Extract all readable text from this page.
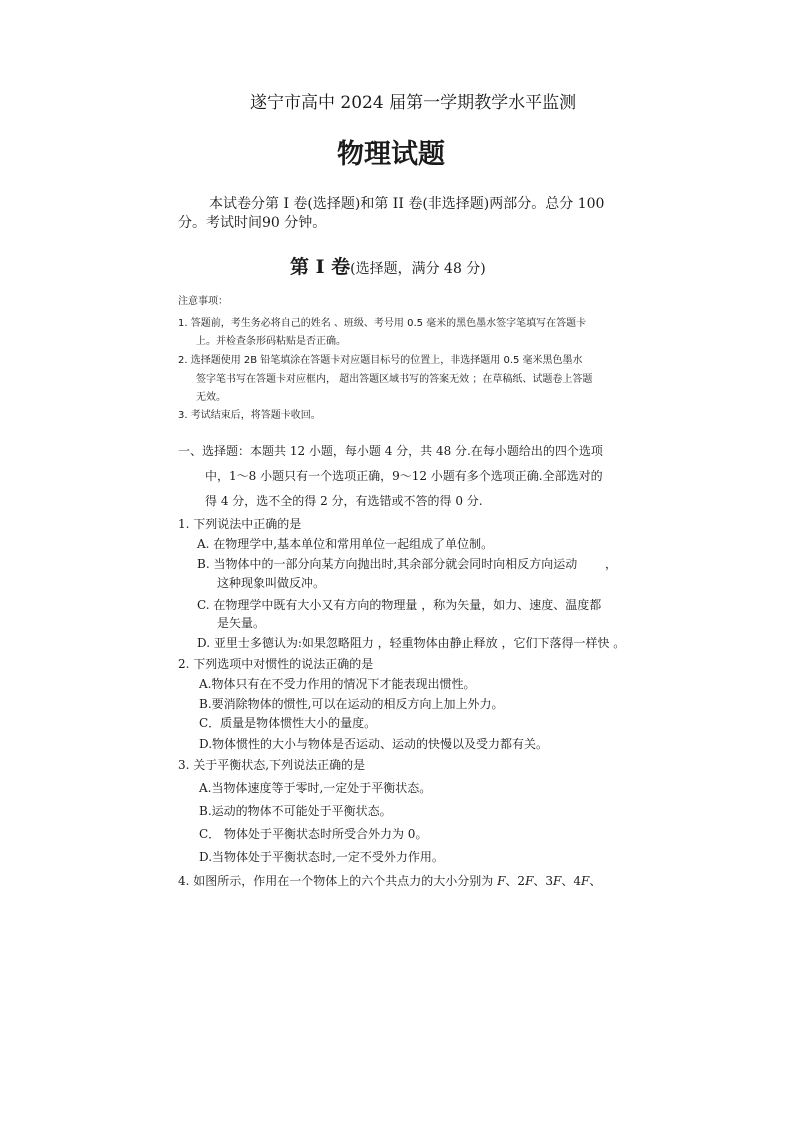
遂宁市高中 2024 届第一学期教学水平监测
物理试题
本试卷分第 I 卷(选择题)和第 II 卷(非选择题)两部分。总分 100
分。考试时间90 分钟。
第 Ⅰ 卷(选择题，满分 48 分)
注意事项：
1. 答题前，考生务必将自己的姓名 、班级、考号用 0.5 毫米的黑色墨水签字笔填写在答题卡
上。并检查条形码粘贴是否正确。
2. 选择题使用 2B 铅笔填涂在答题卡对应题目标号的位置上，非选择题用 0.5 毫米黑色墨水
签字笔书写在答题卡对应框内， 超出答题区域书写的答案无效 ；在草稿纸、试题卷上答题
无效。
3. 考试结束后，将答题卡收回。
一、选择题：本题共 12 小题，每小题 4 分，共 48 分.在每小题给出的四个选项
中，1～8 小题只有一个选项正确，9～12 小题有多个选项正确.全部选对的
得 4 分，选不全的得 2 分，有选错或不答的得 0 分.
1. 下列说法中正确的是
A. 在物理学中,基本单位和常用单位一起组成了单位制。
B. 当物体中的一部分向某方向抛出时,其余部分就会同时向相反方向运动 ，
这种现象叫做反冲。
C. 在物理学中既有大小又有方向的物理量 ，称为矢量，如力、速度、温度都
是矢量。
D. 亚里士多德认为:如果忽略阻力 ，轻重物体由静止释放 ，它们下落得一样快 。
2. 下列选项中对惯性的说法正确的是
A.物体只有在不受力作用的情况下才能表现出惯性。
B.要消除物体的惯性,可以在运动的相反方向上加上外力。
C．质量是物体惯性大小的量度。
D.物体惯性的大小与物体是否运动、运动的快慢以及受力都有关。
3. 关于平衡状态,下列说法正确的是
A.当物体速度等于零时,一定处于平衡状态。
B.运动的物体不可能处于平衡状态。
C． 物体处于平衡状态时所受合外力为 0。
D.当物体处于平衡状态时,一定不受外力作用。
4. 如图所示，作用在一个物体上的六个共点力的大小分别为 F、2F、3F、4F、
